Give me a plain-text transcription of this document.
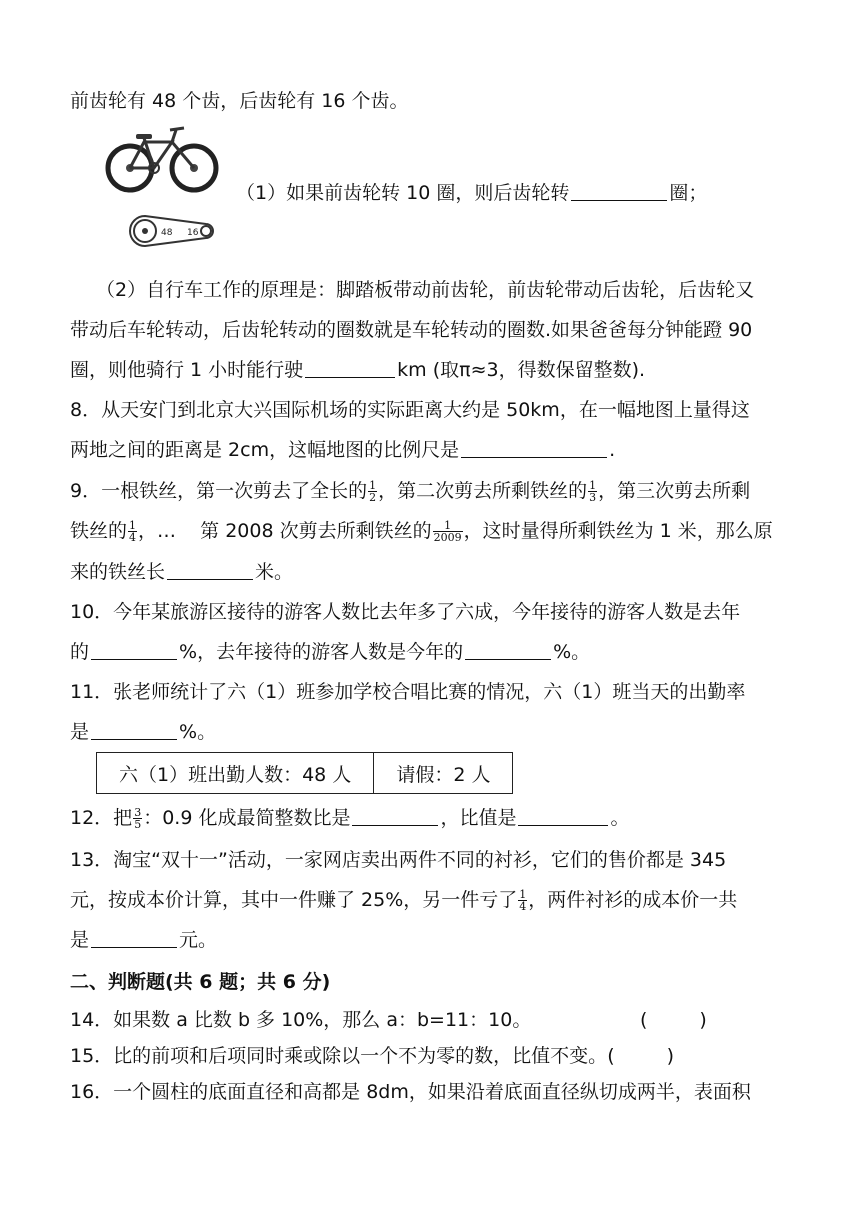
前齿轮有 48 个齿，后齿轮有 16 个齿。
48 16
（1）如果前齿轮转 10 圈，则后齿轮转	圈；
（2）自行车工作的原理是：脚踏板带动前齿轮，前齿轮带动后齿轮，后齿轮又
带动后车轮转动，后齿轮转动的圈数就是车轮转动的圈数.如果爸爸每分钟能蹬 90
圈，则他骑行 1 小时能行驶	km (取π≈3，得数保留整数).
8．从天安门到北京大兴国际机场的实际距离大约是 50km，在一幅地图上量得这
两地之间的距离是 2cm，这幅地图的比例尺是	.
9．一根铁丝，第一次剪去了全长的 $\frac{1}{2}$ ，第二次剪去所剩铁丝的 $\frac{1}{3}$ ，第三次剪去所剩
铁丝的 $\frac{1}{4}$ ，…    第 2008 次剪去所剩铁丝的 $\frac{1}{2009}$ ，这时量得所剩铁丝为 1 米，那么原
来的铁丝长	米。
10．今年某旅游区接待的游客人数比去年多了六成，今年接待的游客人数是去年
的	%，去年接待的游客人数是今年的	%。
11．张老师统计了六（1）班参加学校合唱比赛的情况，六（1）班当天的出勤率
是	%。
六（1）班出勤人数：48 人	请假：2 人
12．把 $\frac{3}{5}$ ：0.9 化成最简整数比是	，比值是	。
13．淘宝“双十一”活动，一家网店卖出两件不同的衬衫，它们的售价都是 345
元，按成本价计算，其中一件赚了 25%，另一件亏了 $\frac{1}{4}$ ，两件衬衫的成本价一共
是	元。
二、判断题(共 6 题；共 6 分)
14．如果数 a 比数 b 多 10%，那么 a：b=11：10。	(	)
15．比的前项和后项同时乘或除以一个不为零的数，比值不变。(	)
16．一个圆柱的底面直径和高都是 8dm，如果沿着底面直径纵切成两半，表面积
